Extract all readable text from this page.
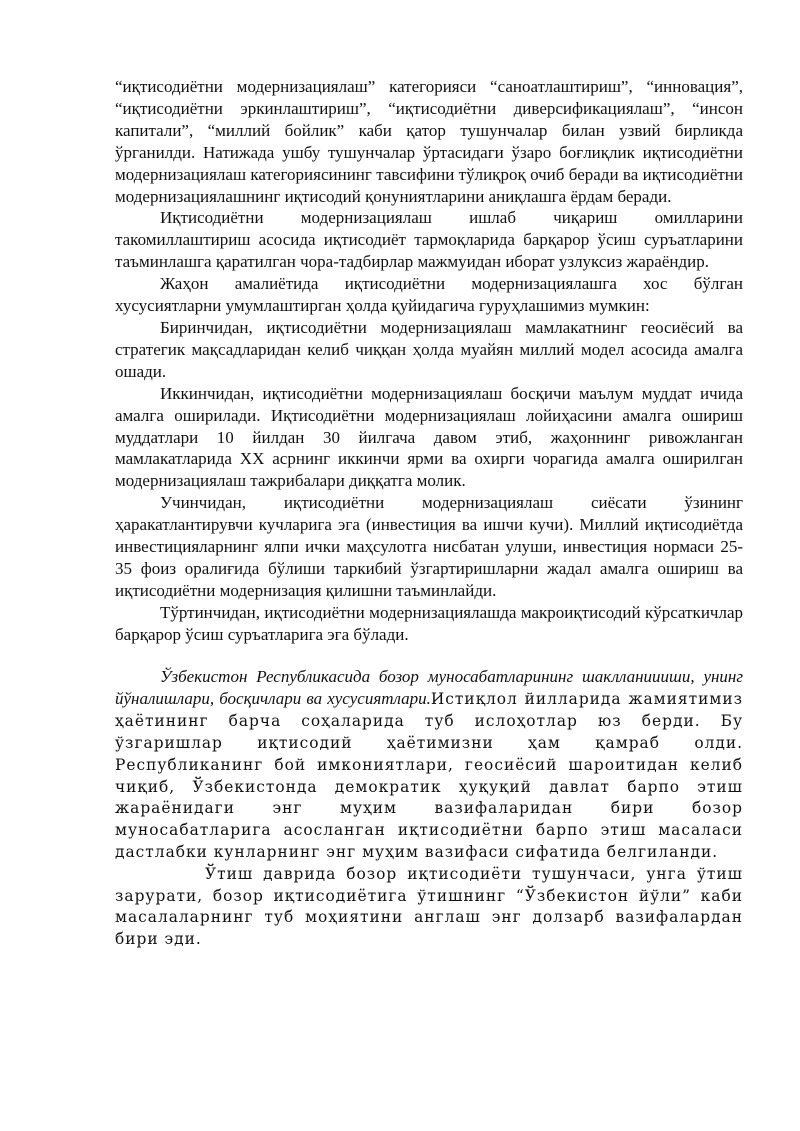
“иқтисодиётни модернизациялаш” категорияси “саноатлаштириш”, “инновация”, “иқтисодиётни эркинлаштириш”, “иқтисодиётни диверсификациялаш”, “инсон капитали”, “миллий бойлик” каби қатор тушунчалар билан узвий бирликда ўрганилди. Натижада ушбу тушунчалар ўртасидаги ўзаро боғлиқлик иқтисодиётни модернизациялаш категориясининг тавсифини тўлиқроқ очиб беради ва иқтисодиётни модернизациялашнинг иқтисодий қонуниятларини аниқлашга ёрдам беради.

Иқтисодиётни модернизациялаш ишлаб чиқариш омилларини такомиллаштириш асосида иқтисодиёт тармоқларида барқарор ўсиш суръатларини таъминлашга қаратилган чора-тадбирлар мажмуидан иборат узлуксиз жараёндир.

Жаҳон амалиётида иқтисодиётни модернизациялашга хос бўлган хусусиятларни умумлаштирган ҳолда қуйидагича гуруҳлашимиз мумкин:

Биринчидан, иқтисодиётни модернизациялаш мамлакатнинг геосиёсий ва стратегик мақсадларидан келиб чиққан ҳолда муайян миллий модел асосида амалга ошади.

Иккинчидан, иқтисодиётни модернизациялаш босқичи маълум муддат ичида амалга оширилади. Иқтисодиётни модернизациялаш лойиҳасини амалга ошириш муддатлари 10 йилдан 30 йилгача давом этиб, жаҳоннинг ривожланган мамлакатларида ХХ асрнинг иккинчи ярми ва охирги чорагида амалга оширилган модернизациялаш тажрибалари диққатга молик.

Учинчидан, иқтисодиётни модернизациялаш сиёсати ўзининг ҳаракатлантирувчи кучларига эга (инвестиция ва ишчи кучи). Миллий иқтисодиётда инвестицияларнинг ялпи ички маҳсулотга нисбатан улуши, инвестиция нормаси 25-35 фоиз оралиғида бўлиши таркибий ўзгартиришларни жадал амалга ошириш ва иқтисодиётни модернизация қилишни таъминлайди.

Тўртинчидан, иқтисодиётни модернизациялашда макроиқтисодий кўрсаткичлар барқарор ўсиш суръатларига эга бўлади.

Ўзбекистон Республикасида бозор муносабатларининг шаклланиииши, унинг йўналишлари, босқичлари ва хусусиятлари.Истиқлол йилларида жамиятимиз ҳаётининг барча соҳаларида туб ислоҳотлар юз берди. Бу ўзгаришлар иқтисодий ҳаётимизни ҳам қамраб олди. Республиканинг бой имкониятлари, геосиёсий шароитидан келиб чиқиб, Ўзбекистонда демократик ҳуқуқий давлат барпо этиш жараёнидаги энг муҳим вазифаларидан бири бозор муносабатларига асосланган иқтисодиётни барпо этиш масаласи дастлабки кунларнинг энг муҳим вазифаси сифатида белгиланди.

Ўтиш даврида бозор иқтисодиёти тушунчаси, унга ўтиш зарурати, бозор иқтисодиётига ўтишнинг “Ўзбекистон йўли” каби масалаларнинг туб моҳиятини англаш энг долзарб вазифалардан бири эди.
